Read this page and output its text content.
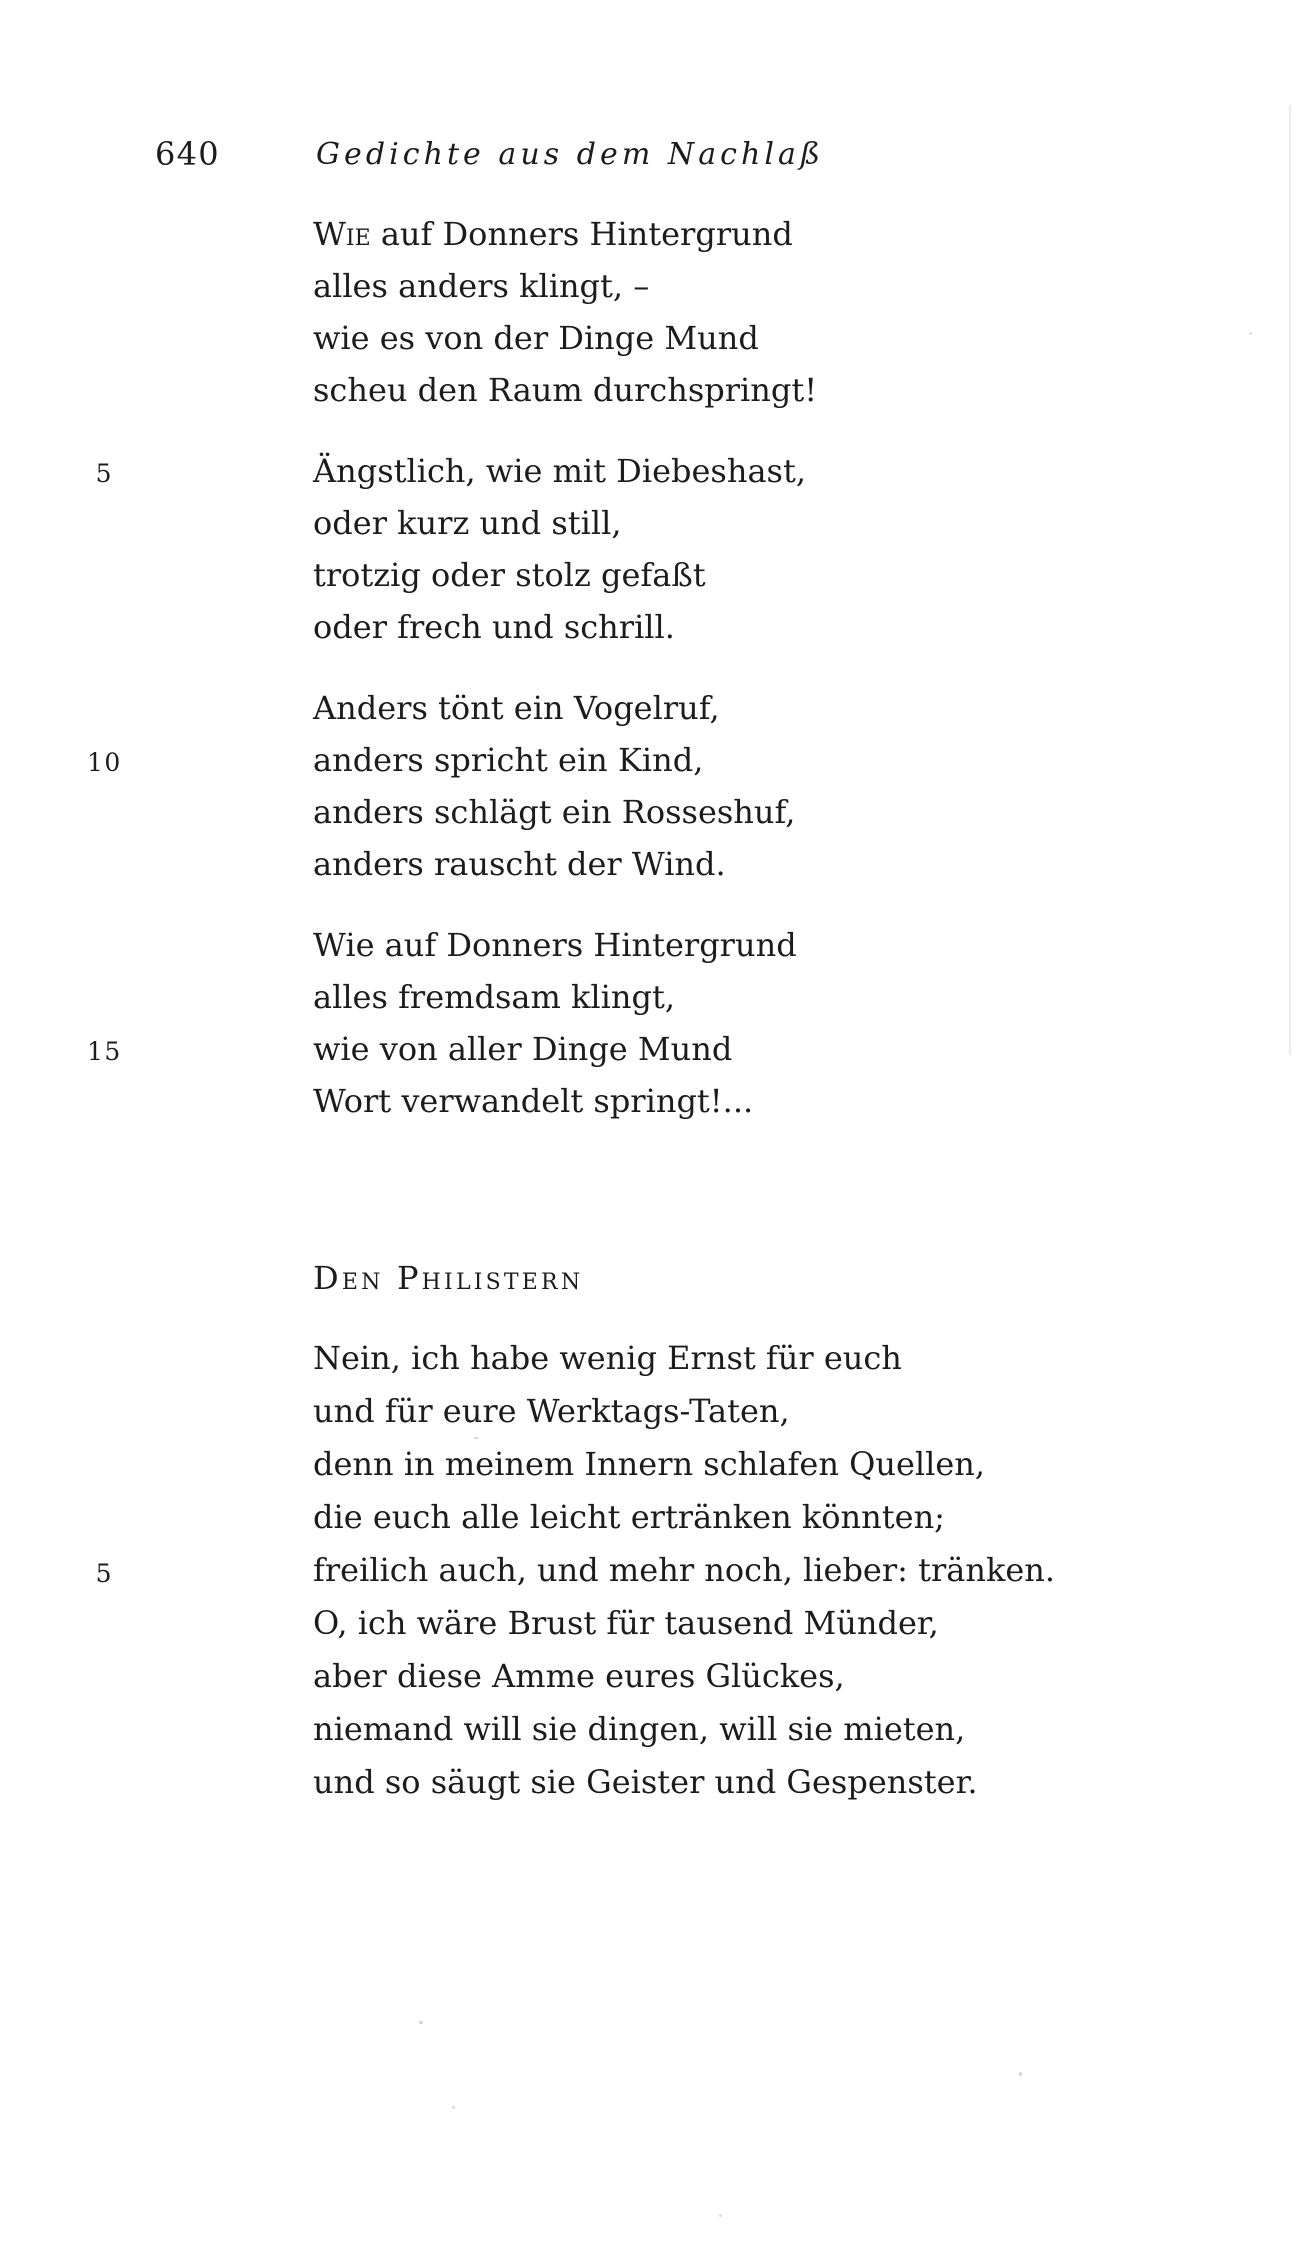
640	Gedichte aus dem Nachlaß
Wie auf Donners Hintergrund
alles anders klingt, –
wie es von der Dinge Mund
scheu den Raum durchspringt!
5	Ängstlich, wie mit Diebeshast,
oder kurz und still,
trotzig oder stolz gefaßt
oder frech und schrill.
Anders tönt ein Vogelruf,
10	anders spricht ein Kind,
anders schlägt ein Rosseshuf,
anders rauscht der Wind.
Wie auf Donners Hintergrund
alles fremdsam klingt,
15	wie von aller Dinge Mund
Wort verwandelt springt!...
Den Philistern
Nein, ich habe wenig Ernst für euch
und für eure Werktags-Taten,
denn in meinem Innern schlafen Quellen,
die euch alle leicht ertränken könnten;
5	freilich auch, und mehr noch, lieber: tränken.
O, ich wäre Brust für tausend Münder,
aber diese Amme eures Glückes,
niemand will sie dingen, will sie mieten,
und so säugt sie Geister und Gespenster.
